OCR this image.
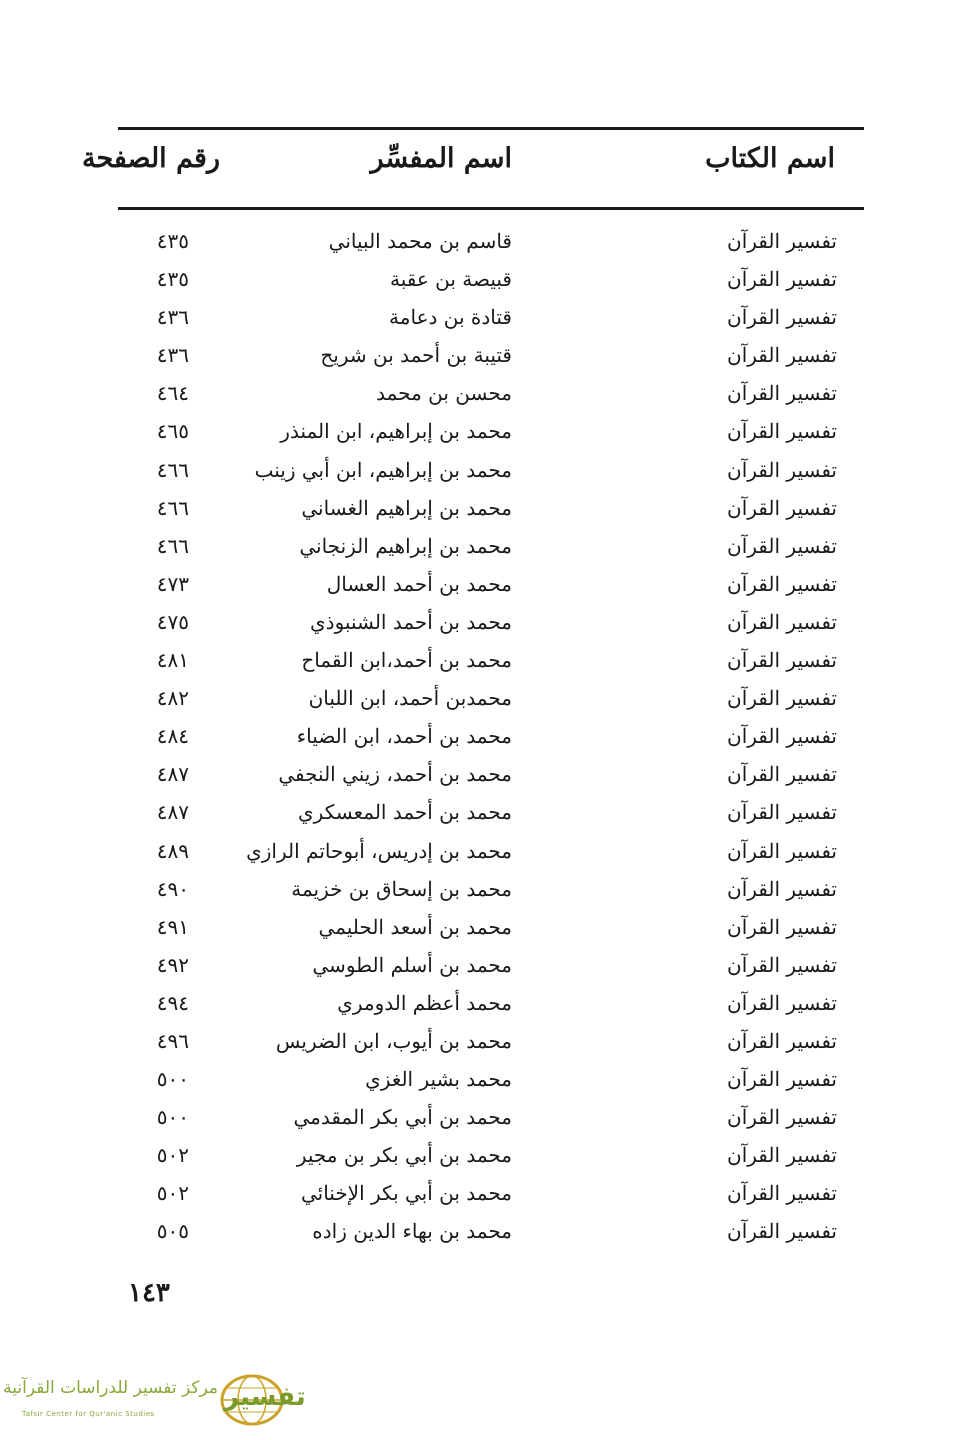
اسم الكتاب
اسم المفسِّر
رقم الصفحة
تفسير القرآن
قاسم بن محمد البياني
٤٣٥
تفسير القرآن
قبيصة بن عقبة
٤٣٥
تفسير القرآن
قتادة بن دعامة
٤٣٦
تفسير القرآن
قتيبة بن أحمد بن شريح
٤٣٦
تفسير القرآن
محسن بن محمد
٤٦٤
تفسير القرآن
محمد بن إبراهيم، ابن المنذر
٤٦٥
تفسير القرآن
محمد بن إبراهيم، ابن أبي زينب
٤٦٦
تفسير القرآن
محمد بن إبراهيم الغساني
٤٦٦
تفسير القرآن
محمد بن إبراهيم الزنجاني
٤٦٦
تفسير القرآن
محمد بن أحمد العسال
٤٧٣
تفسير القرآن
محمد بن أحمد الشنبوذي
٤٧٥
تفسير القرآن
محمد بن أحمد،ابن القماح
٤٨١
تفسير القرآن
محمدبن أحمد، ابن اللبان
٤٨٢
تفسير القرآن
محمد بن أحمد، ابن الضياء
٤٨٤
تفسير القرآن
محمد بن أحمد، زيني النجفي
٤٨٧
تفسير القرآن
محمد بن أحمد المعسكري
٤٨٧
تفسير القرآن
محمد بن إدريس، أبوحاتم الرازي
٤٨٩
تفسير القرآن
محمد بن إسحاق بن خزيمة
٤٩٠
تفسير القرآن
محمد بن أسعد الحليمي
٤٩١
تفسير القرآن
محمد بن أسلم الطوسي
٤٩٢
تفسير القرآن
محمد أعظم الدومري
٤٩٤
تفسير القرآن
محمد بن أيوب، ابن الضريس
٤٩٦
تفسير القرآن
محمد بشير الغزي
٥٠٠
تفسير القرآن
محمد بن أبي بكر المقدمي
٥٠٠
تفسير القرآن
محمد بن أبي بكر بن مجير
٥٠٢
تفسير القرآن
محمد بن أبي بكر الإخنائي
٥٠٢
تفسير القرآن
محمد بن بهاء الدين زاده
٥٠٥
١٤٣
مركز تفسير للدراسات القرآنية
Tafsir Center for Qur'anic Studies
تفسير
